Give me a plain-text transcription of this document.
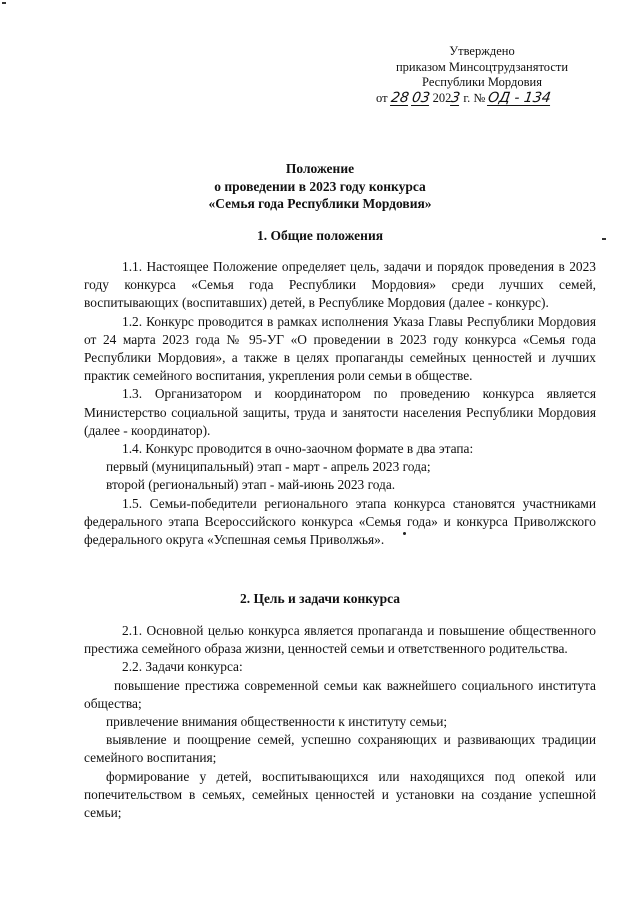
Утверждено
приказом Минсоцтрудзанятости
Республики Мордовия
от 28 03 2023 г. № ОД - 134
Положение
о проведении в 2023 году конкурса
«Семья года Республики Мордовия»
1. Общие положения

1.1. Настоящее Положение определяет цель, задачи и порядок проведения в 2023 году конкурса «Семья года Республики Мордовия» среди лучших семей, воспитывающих (воспитавших) детей, в Республике Мордовия (далее - конкурс).

1.2. Конкурс проводится в рамках исполнения Указа Главы Республики Мордовия от 24 марта 2023 года № 95-УГ «О проведении в 2023 году конкурса «Семья года Республики Мордовия», а также в целях пропаганды семейных ценностей и лучших практик семейного воспитания, укрепления роли семьи в обществе.

1.3. Организатором и координатором по проведению конкурса является Министерство социальной защиты, труда и занятости населения Республики Мордовия (далее - координатор).

1.4. Конкурс проводится в очно-заочном формате в два этапа:

первый (муниципальный) этап - март - апрель 2023 года;

второй (региональный) этап - май-июнь 2023 года.

1.5. Семьи-победители регионального этапа конкурса становятся участниками федерального этапа Всероссийского конкурса «Семья года» и конкурса Приволжского федерального округа «Успешная семья Приволжья».

2. Цель и задачи конкурса

2.1. Основной целью конкурса является пропаганда и повышение общественного престижа семейного образа жизни, ценностей семьи и ответственного родительства.

2.2. Задачи конкурса:

повышение престижа современной семьи как важнейшего социального института общества;

привлечение внимания общественности к институту семьи;

выявление и поощрение семей, успешно сохраняющих и развивающих традиции семейного воспитания;

формирование у детей, воспитывающихся или находящихся под опекой или попечительством в семьях, семейных ценностей и установки на создание успешной семьи;
